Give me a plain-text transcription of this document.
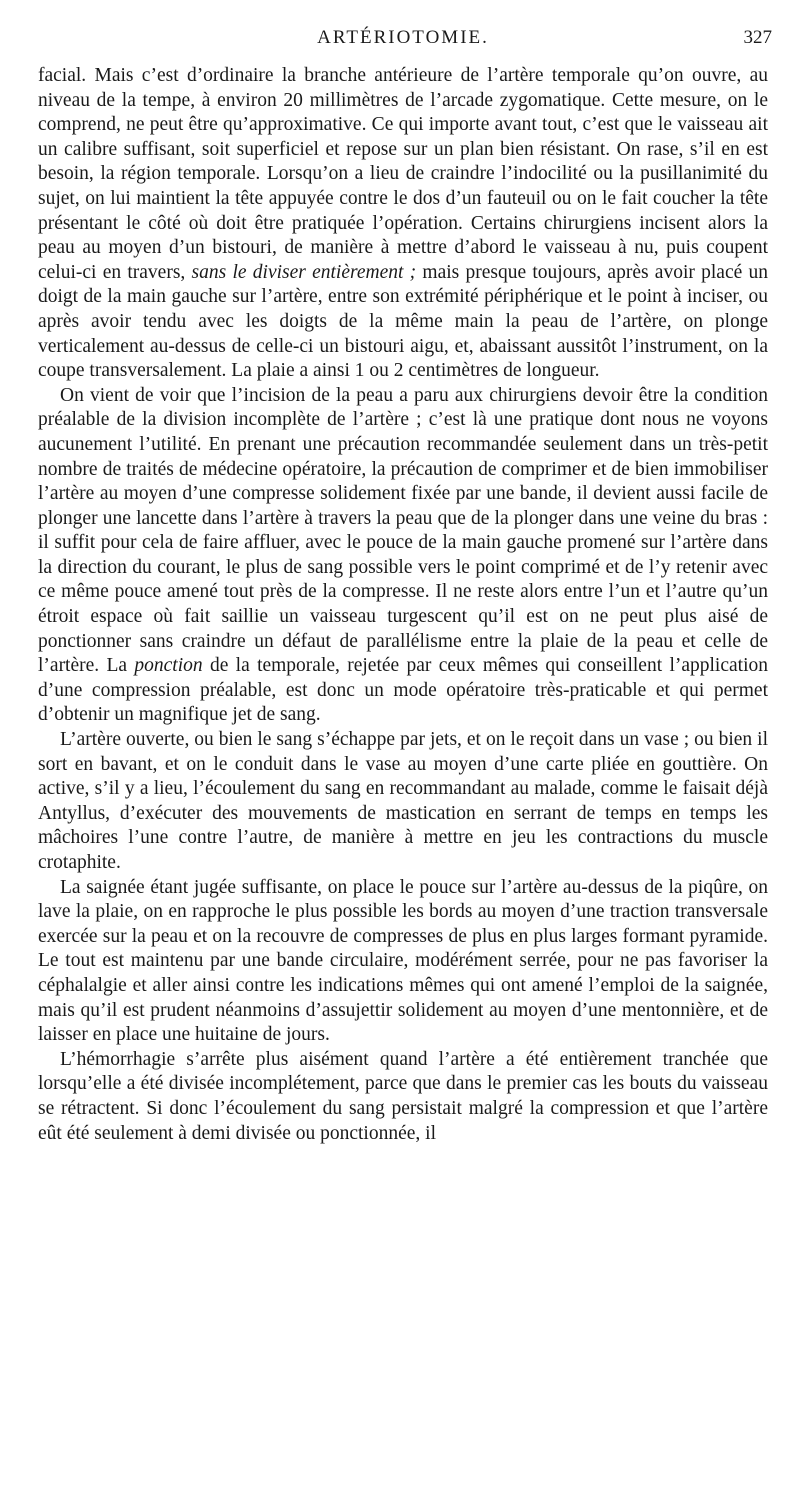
ARTÉRIOTOMIE.	327

facial. Mais c’est d’ordinaire la branche antérieure de l’artère temporale qu’on ouvre, au niveau de la tempe, à environ 20 millimètres de l’arcade zygomatique. Cette mesure, on le comprend, ne peut être qu’approximative. Ce qui importe avant tout, c’est que le vaisseau ait un calibre suffisant, soit superficiel et repose sur un plan bien résistant. On rase, s’il en est besoin, la région temporale. Lorsqu’on a lieu de craindre l’indocilité ou la pusillanimité du sujet, on lui maintient la tête appuyée contre le dos d’un fauteuil ou on le fait coucher la tête présentant le côté où doit être pratiquée l’opération. Certains chirurgiens incisent alors la peau au moyen d’un bistouri, de manière à mettre d’abord le vaisseau à nu, puis coupent celui-ci en travers, sans le diviser entièrement ; mais presque toujours, après avoir placé un doigt de la main gauche sur l’artère, entre son extrémité périphérique et le point à inciser, ou après avoir tendu avec les doigts de la même main la peau de l’artère, on plonge verticalement au-dessus de celle-ci un bistouri aigu, et, abaissant aussitôt l’instrument, on la coupe transversalement. La plaie a ainsi 1 ou 2 centimètres de longueur.

On vient de voir que l’incision de la peau a paru aux chirurgiens devoir être la condition préalable de la division incomplète de l’artère ; c’est là une pratique dont nous ne voyons aucunement l’utilité. En prenant une précaution recommandée seulement dans un très-petit nombre de traités de médecine opératoire, la précaution de comprimer et de bien immobiliser l’artère au moyen d’une compresse solidement fixée par une bande, il devient aussi facile de plonger une lancette dans l’artère à travers la peau que de la plonger dans une veine du bras : il suffit pour cela de faire affluer, avec le pouce de la main gauche promené sur l’artère dans la direction du courant, le plus de sang possible vers le point comprimé et de l’y retenir avec ce même pouce amené tout près de la compresse. Il ne reste alors entre l’un et l’autre qu’un étroit espace où fait saillie un vaisseau turgescent qu’il est on ne peut plus aisé de ponctionner sans craindre un défaut de parallélisme entre la plaie de la peau et celle de l’artère. La ponction de la temporale, rejetée par ceux mêmes qui conseillent l’application d’une compression préalable, est donc un mode opératoire très-praticable et qui permet d’obtenir un magnifique jet de sang.

L’artère ouverte, ou bien le sang s’échappe par jets, et on le reçoit dans un vase ; ou bien il sort en bavant, et on le conduit dans le vase au moyen d’une carte pliée en gouttière. On active, s’il y a lieu, l’écoulement du sang en recommandant au malade, comme le faisait déjà Antyllus, d’exécuter des mouvements de mastication en serrant de temps en temps les mâchoires l’une contre l’autre, de manière à mettre en jeu les contractions du muscle crotaphite.

La saignée étant jugée suffisante, on place le pouce sur l’artère au-dessus de la piqûre, on lave la plaie, on en rapproche le plus possible les bords au moyen d’une traction transversale exercée sur la peau et on la recouvre de compresses de plus en plus larges formant pyramide. Le tout est maintenu par une bande circulaire, modérément serrée, pour ne pas favoriser la céphalalgie et aller ainsi contre les indications mêmes qui ont amené l’emploi de la saignée, mais qu’il est prudent néanmoins d’assujettir solidement au moyen d’une mentonnière, et de laisser en place une huitaine de jours.

L’hémorrhagie s’arrête plus aisément quand l’artère a été entièrement tranchée que lorsqu’elle a été divisée incomplétement, parce que dans le premier cas les bouts du vaisseau se rétractent. Si donc l’écoulement du sang persistait malgré la compression et que l’artère eût été seulement à demi divisée ou ponctionnée, il
